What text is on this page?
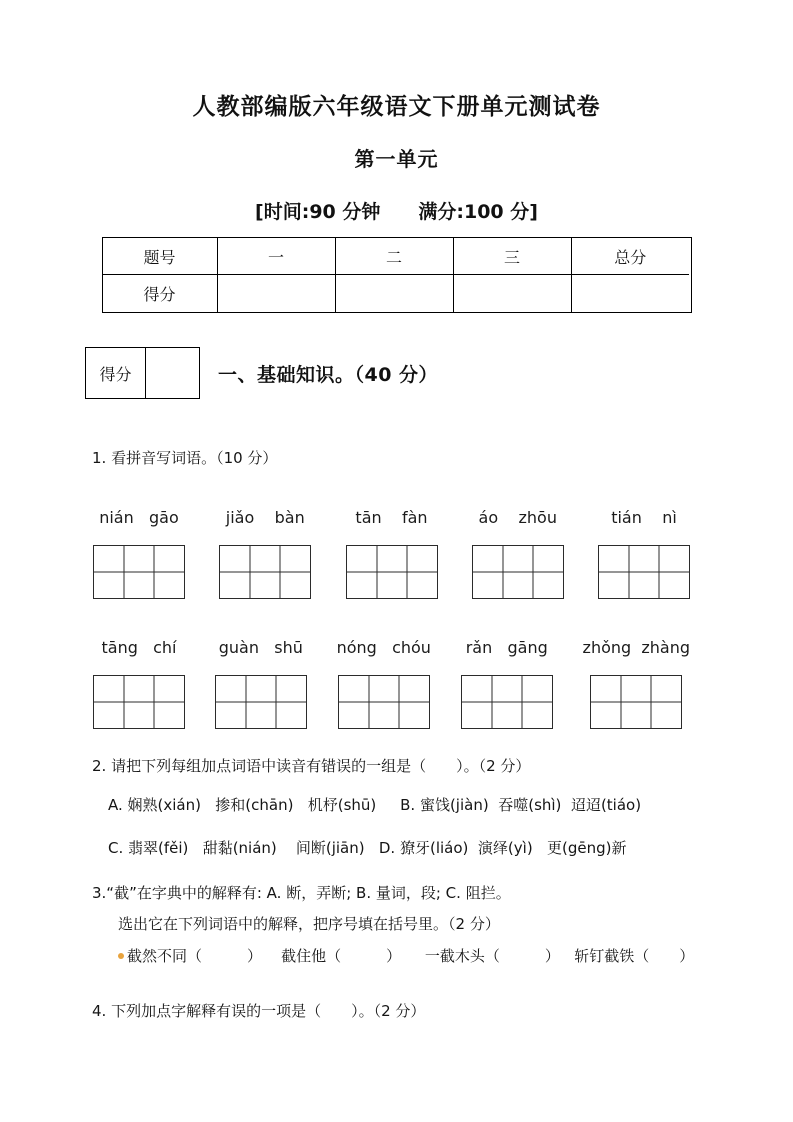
人教部编版六年级语文下册单元测试卷
第一单元
[时间:90 分钟　　满分:100 分]
题号	一	二	三	总分
得分
得分	一、基础知识。（40 分）
1. 看拼音写词语。（10 分）
nián   gāo	jiǎo    bàn	tān    fàn	áo    zhōu	tián    nì
tāng   chí	guàn   shū nóng   chóu rǎn   gāng zhǒng  zhàng
2. 请把下列每组加点词语中读音有错误的一组是（　　）。（2 分）
A. 娴熟(xián)   掺和(chān)   机杼(shū)     B. 蜜饯(jiàn)  吞噬(shì)  迢迢(tiáo)
C. 翡翠(fěi)   甜黏(nián)    间断(jiān)   D. 獠牙(liáo)  演绎(yì)   更(gēng)新
3.“截”在字典中的解释有: A. 断，弄断; B. 量词，段; C. 阻拦。
选出它在下列词语中的解释，把序号填在括号里。（2 分）
截然不同（　　　）    截住他（　　　）     一截木头（　　　）   斩钉截铁（　　）
4. 下列加点字解释有误的一项是（　　）。（2 分）
